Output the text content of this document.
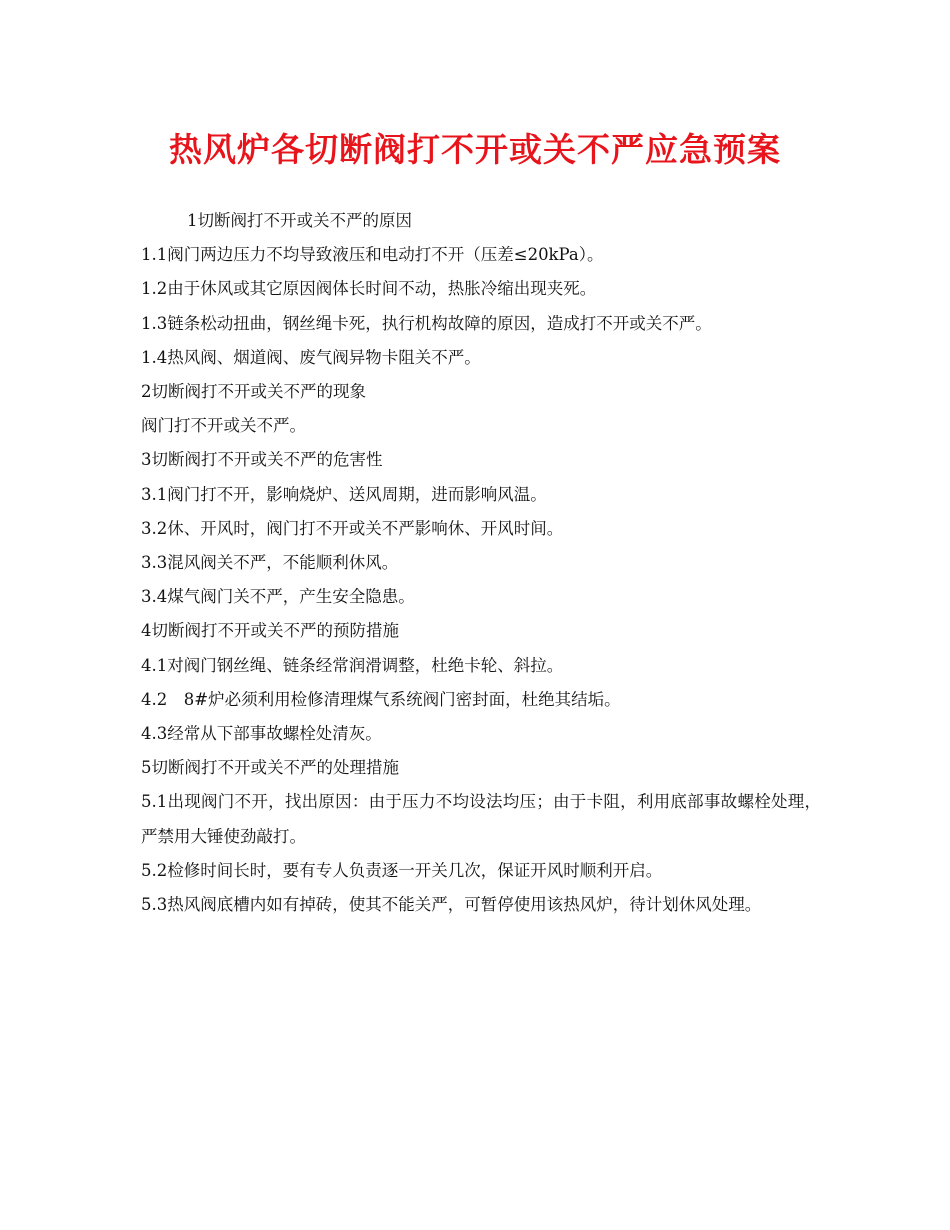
热风炉各切断阀打不开或关不严应急预案

1切断阀打不开或关不严的原因

1.1阀门两边压力不均导致液压和电动打不开（压差≤20kPa）。

1.2由于休风或其它原因阀体长时间不动，热胀冷缩出现夹死。

1.3链条松动扭曲，钢丝绳卡死，执行机构故障的原因，造成打不开或关不严。

1.4热风阀、烟道阀、废气阀异物卡阻关不严。

2切断阀打不开或关不严的现象

阀门打不开或关不严。

3切断阀打不开或关不严的危害性

3.1阀门打不开，影响烧炉、送风周期，进而影响风温。

3.2休、开风时，阀门打不开或关不严影响休、开风时间。

3.3混风阀关不严，不能顺利休风。

3.4煤气阀门关不严，产生安全隐患。

4切断阀打不开或关不严的预防措施

4.1对阀门钢丝绳、链条经常润滑调整，杜绝卡轮、斜拉。

4.2　8#炉必须利用检修清理煤气系统阀门密封面，杜绝其结垢。

4.3经常从下部事故螺栓处清灰。

5切断阀打不开或关不严的处理措施

5.1出现阀门不开，找出原因：由于压力不均设法均压；由于卡阻，利用底部事故螺栓处理，严禁用大锤使劲敲打。

5.2检修时间长时，要有专人负责逐一开关几次，保证开风时顺利开启。

5.3热风阀底槽内如有掉砖，使其不能关严，可暂停使用该热风炉，待计划休风处理。
